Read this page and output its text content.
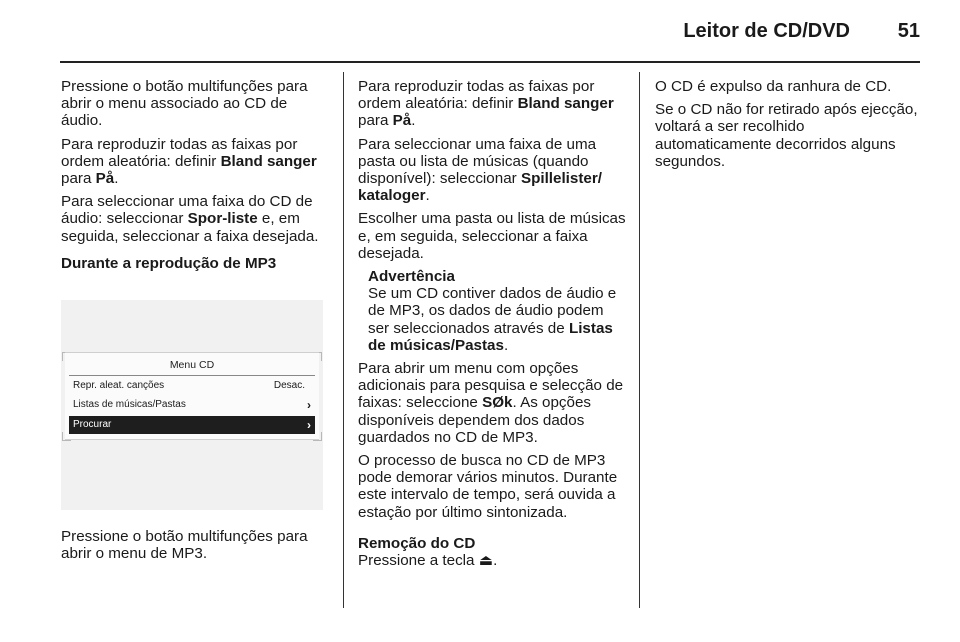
Leitor de CD/DVD	51

Pressione o botão multifunções para abrir o menu associado ao CD de áudio.

Para reproduzir todas as faixas por ordem aleatória: definir Bland sanger para På.

Para seleccionar uma faixa do CD de áudio: seleccionar Spor-liste e, em seguida, seleccionar a faixa desejada.

Durante a reprodução de MP3

Menu CD
Repr. aleat. canções	Desac.
Listas de músicas/Pastas	›
Procurar	›

Pressione o botão multifunções para abrir o menu de MP3.

Para reproduzir todas as faixas por ordem aleatória: definir Bland sanger para På.

Para seleccionar uma faixa de uma pasta ou lista de músicas (quando disponível): seleccionar Spillelister/ kataloger.

Escolher uma pasta ou lista de músicas e, em seguida, seleccionar a faixa desejada.

Advertência
Se um CD contiver dados de áudio e de MP3, os dados de áudio podem ser seleccionados através de Listas de músicas/Pastas.

Para abrir um menu com opções adicionais para pesquisa e selecção de faixas: seleccione SØk. As opções disponíveis dependem dos dados guardados no CD de MP3.

O processo de busca no CD de MP3 pode demorar vários minutos. Durante este intervalo de tempo, será ouvida a estação por último sintonizada.

Remoção do CD

Pressione a tecla ⏏.

O CD é expulso da ranhura de CD.

Se o CD não for retirado após ejecção, voltará a ser recolhido automaticamente decorridos alguns segundos.
